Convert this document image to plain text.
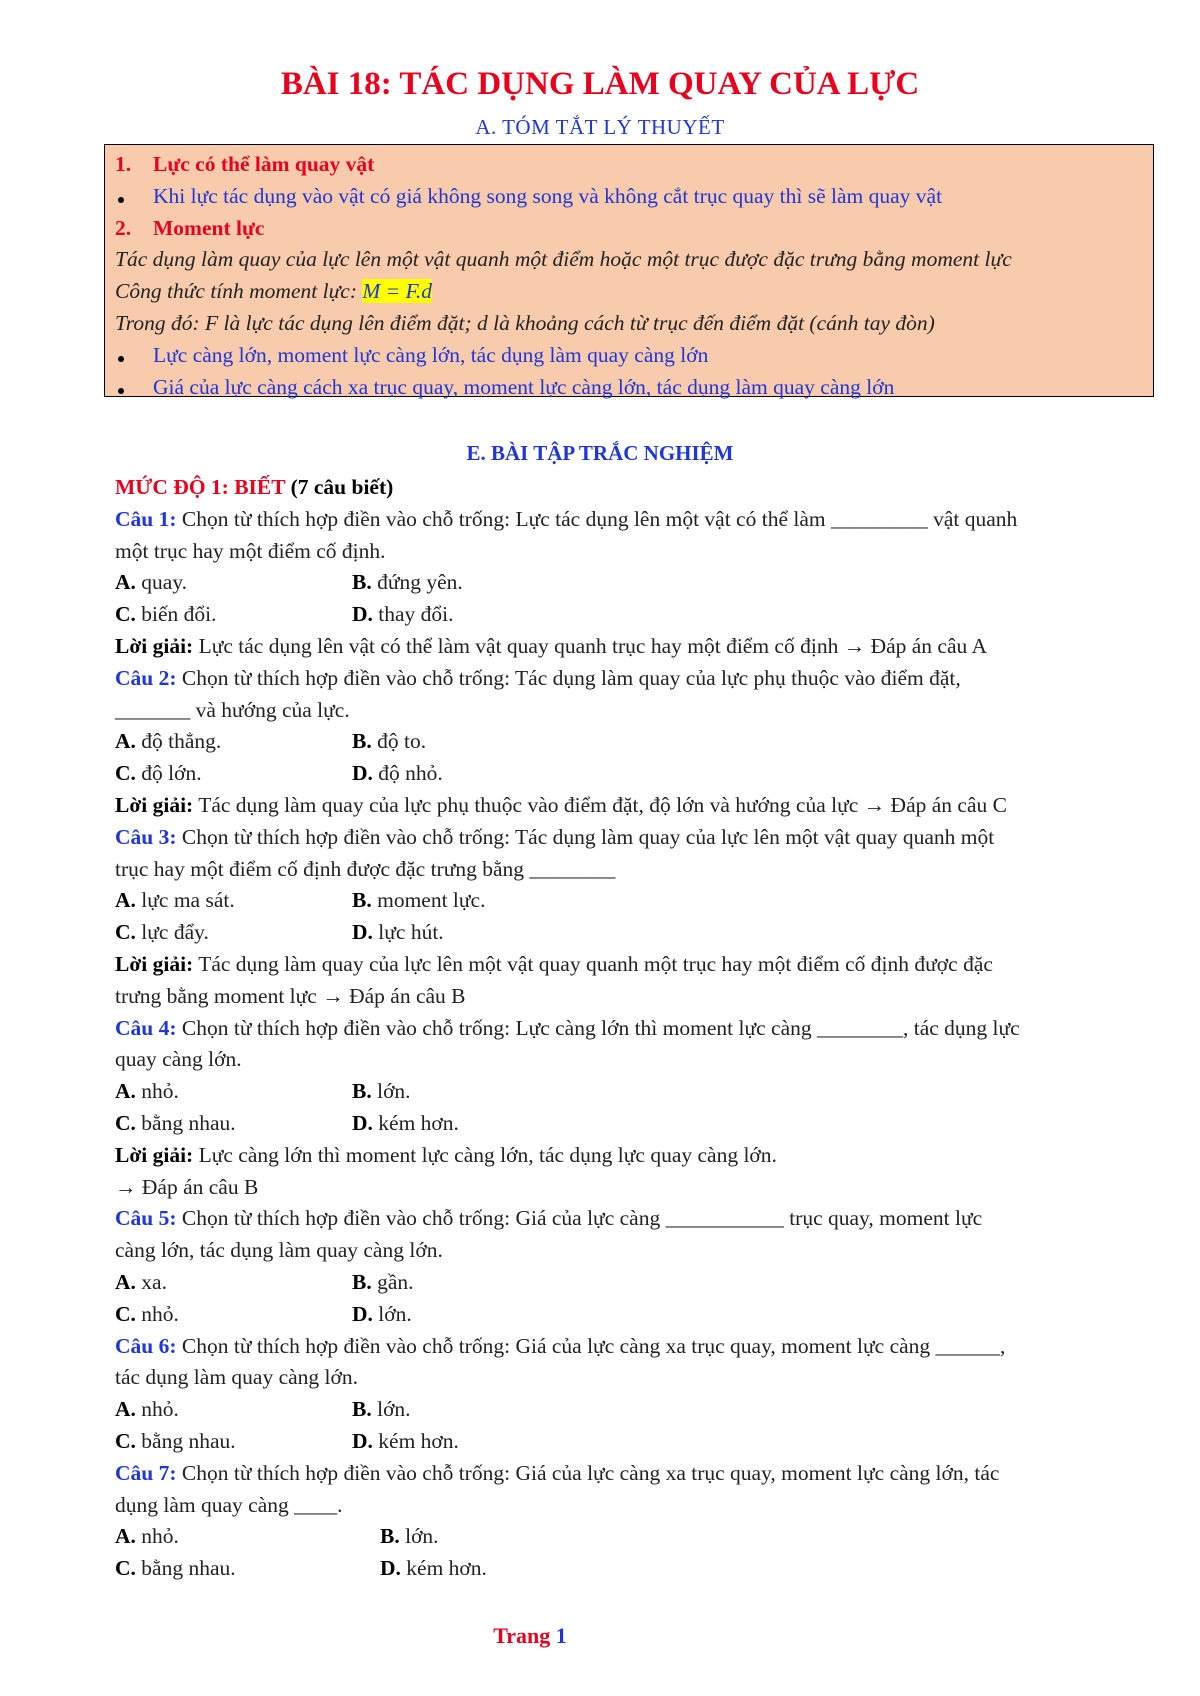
BÀI 18: TÁC DỤNG LÀM QUAY CỦA LỰC
A. TÓM TẮT LÝ THUYẾT
1. Lực có thể làm quay vật
Khi lực tác dụng vào vật có giá không song song và không cắt trục quay thì sẽ làm quay vật
2. Moment lực
Tác dụng làm quay của lực lên một vật quanh một điểm hoặc một trục được đặc trưng bằng moment lực
Công thức tính moment lực: M = F.d
Trong đó: F là lực tác dụng lên điểm đặt; d là khoảng cách từ trục đến điểm đặt (cánh tay đòn)
Lực càng lớn, moment lực càng lớn, tác dụng làm quay càng lớn
Giá của lực càng cách xa trục quay, moment lực càng lớn, tác dụng làm quay càng lớn
E. BÀI TẬP TRẮC NGHIỆM
MỨC ĐỘ 1: BIẾT (7 câu biết)
Câu 1: Chọn từ thích hợp điền vào chỗ trống: Lực tác dụng lên một vật có thể làm _________ vật quanh
một trục hay một điểm cố định.
A. quay.	B. đứng yên.
C. biến đổi.	D. thay đổi.
Lời giải: Lực tác dụng lên vật có thể làm vật quay quanh trục hay một điểm cố định → Đáp án câu A
Câu 2: Chọn từ thích hợp điền vào chỗ trống: Tác dụng làm quay của lực phụ thuộc vào điểm đặt,
_______ và hướng của lực.
A. độ thẳng.	B. độ to.
C. độ lớn.	D. độ nhỏ.
Lời giải: Tác dụng làm quay của lực phụ thuộc vào điểm đặt, độ lớn và hướng của lực → Đáp án câu C
Câu 3: Chọn từ thích hợp điền vào chỗ trống: Tác dụng làm quay của lực lên một vật quay quanh một
trục hay một điểm cố định được đặc trưng bằng ________
A. lực ma sát.	B. moment lực.
C. lực đẩy.	D. lực hút.
Lời giải: Tác dụng làm quay của lực lên một vật quay quanh một trục hay một điểm cố định được đặc
trưng bằng moment lực → Đáp án câu B
Câu 4: Chọn từ thích hợp điền vào chỗ trống: Lực càng lớn thì moment lực càng ________, tác dụng lực
quay càng lớn.
A. nhỏ.	B. lớn.
C. bằng nhau.	D. kém hơn.
Lời giải: Lực càng lớn thì moment lực càng lớn, tác dụng lực quay càng lớn.
→ Đáp án câu B
Câu 5: Chọn từ thích hợp điền vào chỗ trống: Giá của lực càng ___________ trục quay, moment lực
càng lớn, tác dụng làm quay càng lớn.
A. xa.	B. gần.
C. nhỏ.	D. lớn.
Câu 6: Chọn từ thích hợp điền vào chỗ trống: Giá của lực càng xa trục quay, moment lực càng ______,
tác dụng làm quay càng lớn.
A. nhỏ.	B. lớn.
C. bằng nhau.	D. kém hơn.
Câu 7: Chọn từ thích hợp điền vào chỗ trống: Giá của lực càng xa trục quay, moment lực càng lớn, tác
dụng làm quay càng ____.
A. nhỏ.	B. lớn.
C. bằng nhau.	D. kém hơn.
Trang 1
